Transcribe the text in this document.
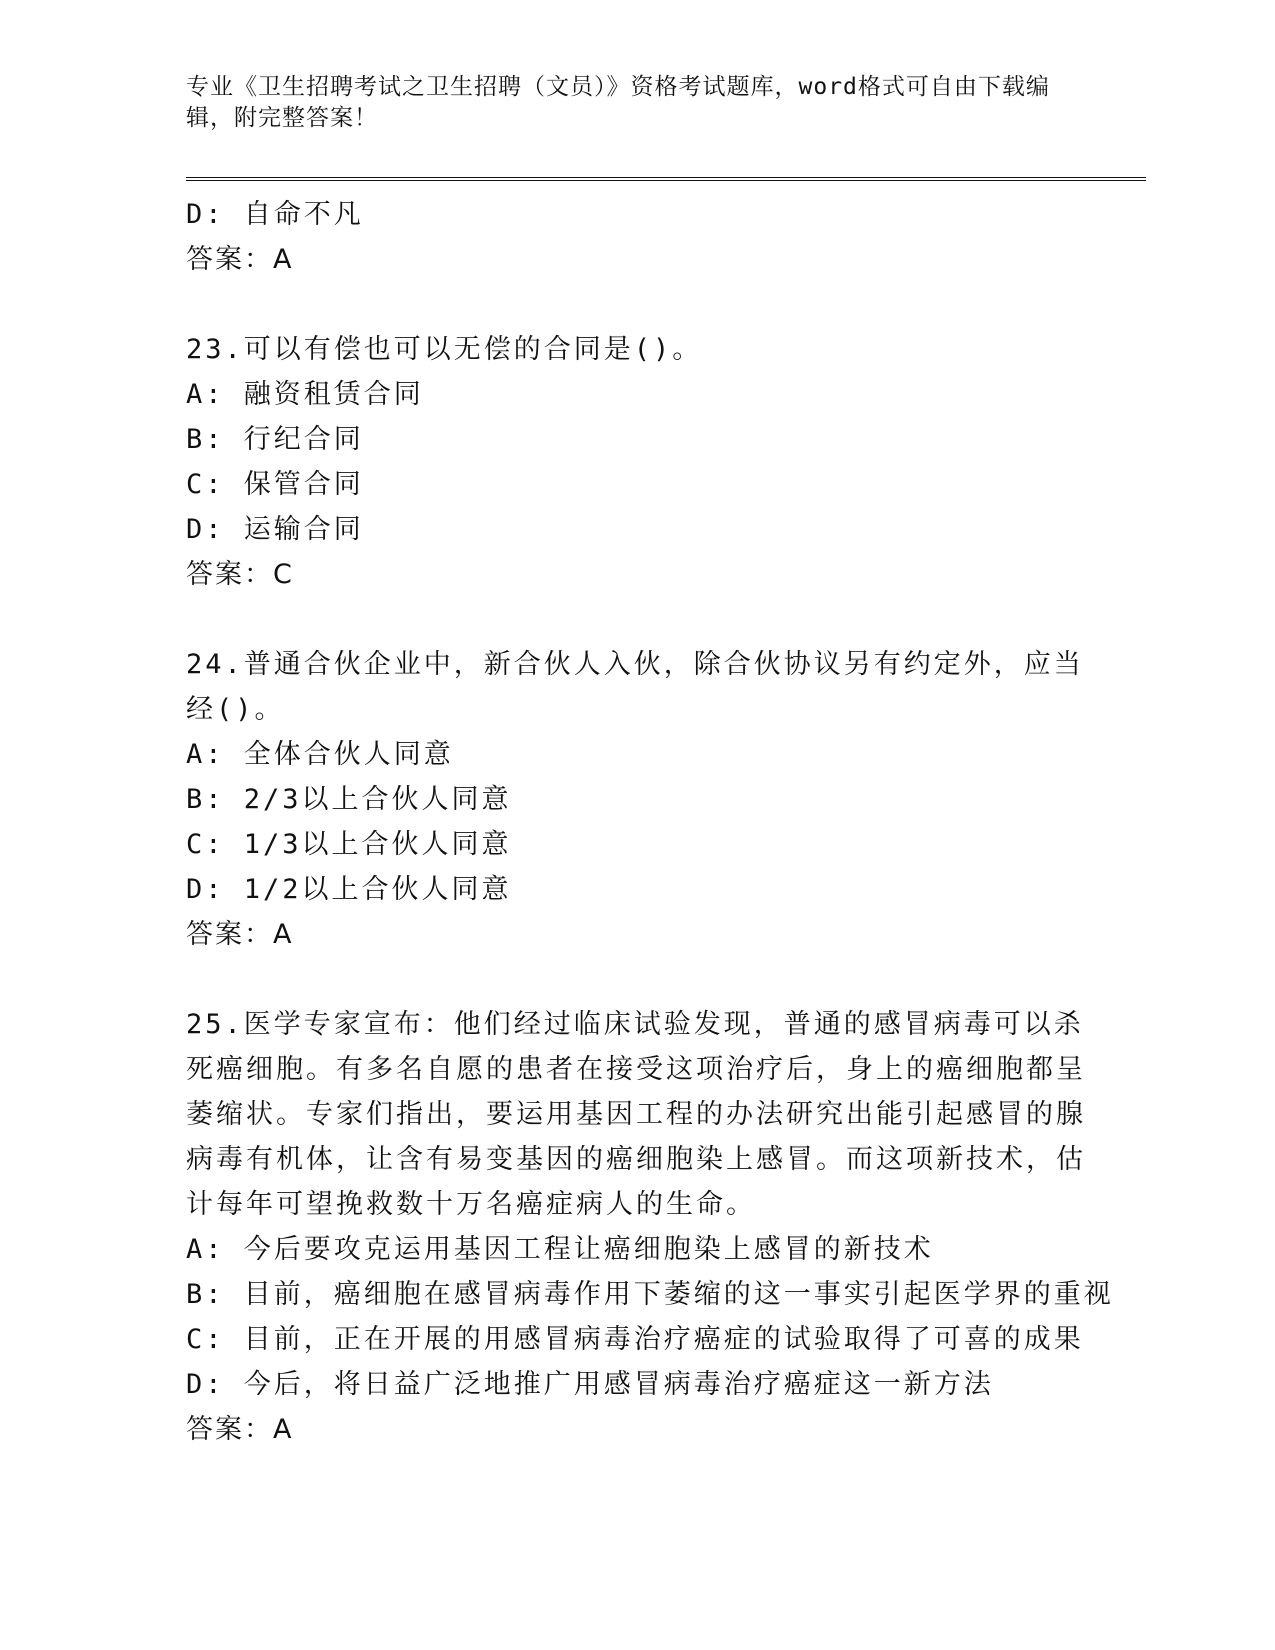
专业《卫生招聘考试之卫生招聘（文员）》资格考试题库，word格式可自由下载编辑，附完整答案！
D: 自命不凡
答案：A
23.可以有偿也可以无偿的合同是()。
A: 融资租赁合同
B: 行纪合同
C: 保管合同
D: 运输合同
答案：C
24.普通合伙企业中，新合伙人入伙，除合伙协议另有约定外，应当经()。
A: 全体合伙人同意
B: 2/3以上合伙人同意
C: 1/3以上合伙人同意
D: 1/2以上合伙人同意
答案：A
25.医学专家宣布：他们经过临床试验发现，普通的感冒病毒可以杀死癌细胞。有多名自愿的患者在接受这项治疗后，身上的癌细胞都呈萎缩状。专家们指出，要运用基因工程的办法研究出能引起感冒的腺病毒有机体，让含有易变基因的癌细胞染上感冒。而这项新技术，估计每年可望挽救数十万名癌症病人的生命。
A: 今后要攻克运用基因工程让癌细胞染上感冒的新技术
B: 目前，癌细胞在感冒病毒作用下萎缩的这一事实引起医学界的重视
C: 目前，正在开展的用感冒病毒治疗癌症的试验取得了可喜的成果
D: 今后，将日益广泛地推广用感冒病毒治疗癌症这一新方法
答案：A
